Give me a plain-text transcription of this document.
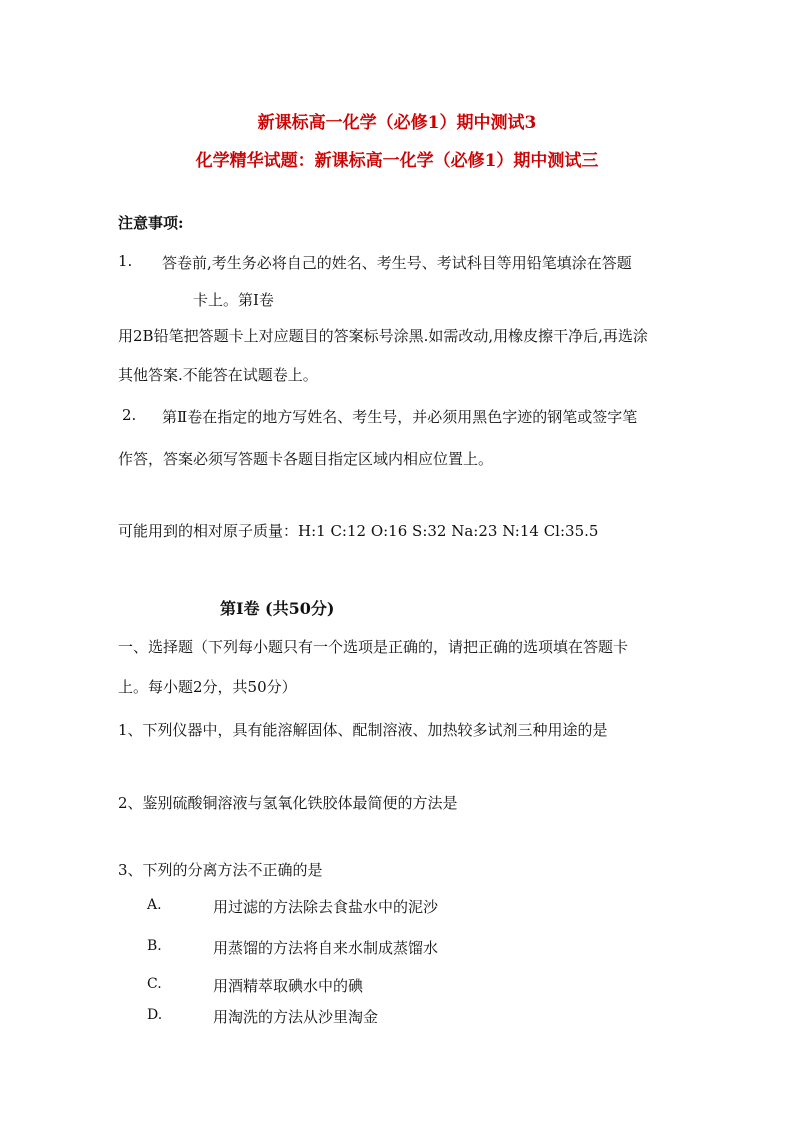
新课标高一化学（必修1）期中测试3
化学精华试题：新课标高一化学（必修1）期中测试三
注意事项:
1. 答卷前,考生务必将自己的姓名、考生号、考试科目等用铅笔填涂在答题
卡上。第Ⅰ卷
用2B铅笔把答题卡上对应题目的答案标号涂黑.如需改动,用橡皮擦干净后,再选涂
其他答案.不能答在试题卷上。
2. 第Ⅱ卷在指定的地方写姓名、考生号，并必须用黑色字迹的钢笔或签字笔
作答，答案必须写答题卡各题目指定区域内相应位置上。
可能用到的相对原子质量：H:1 C:12 O:16 S:32 Na:23 N:14 Cl:35.5
第Ⅰ卷 (共50分)
一、选择题（下列每小题只有一个选项是正确的，请把正确的选项填在答题卡
上。每小题2分，共50分）
1、下列仪器中，具有能溶解固体、配制溶液、加热较多试剂三种用途的是
2、鉴别硫酸铜溶液与氢氧化铁胶体最简便的方法是
3、下列的分离方法不正确的是
A.	用过滤的方法除去食盐水中的泥沙
B.	用蒸馏的方法将自来水制成蒸馏水
C.	用酒精萃取碘水中的碘
D.	用淘洗的方法从沙里淘金
